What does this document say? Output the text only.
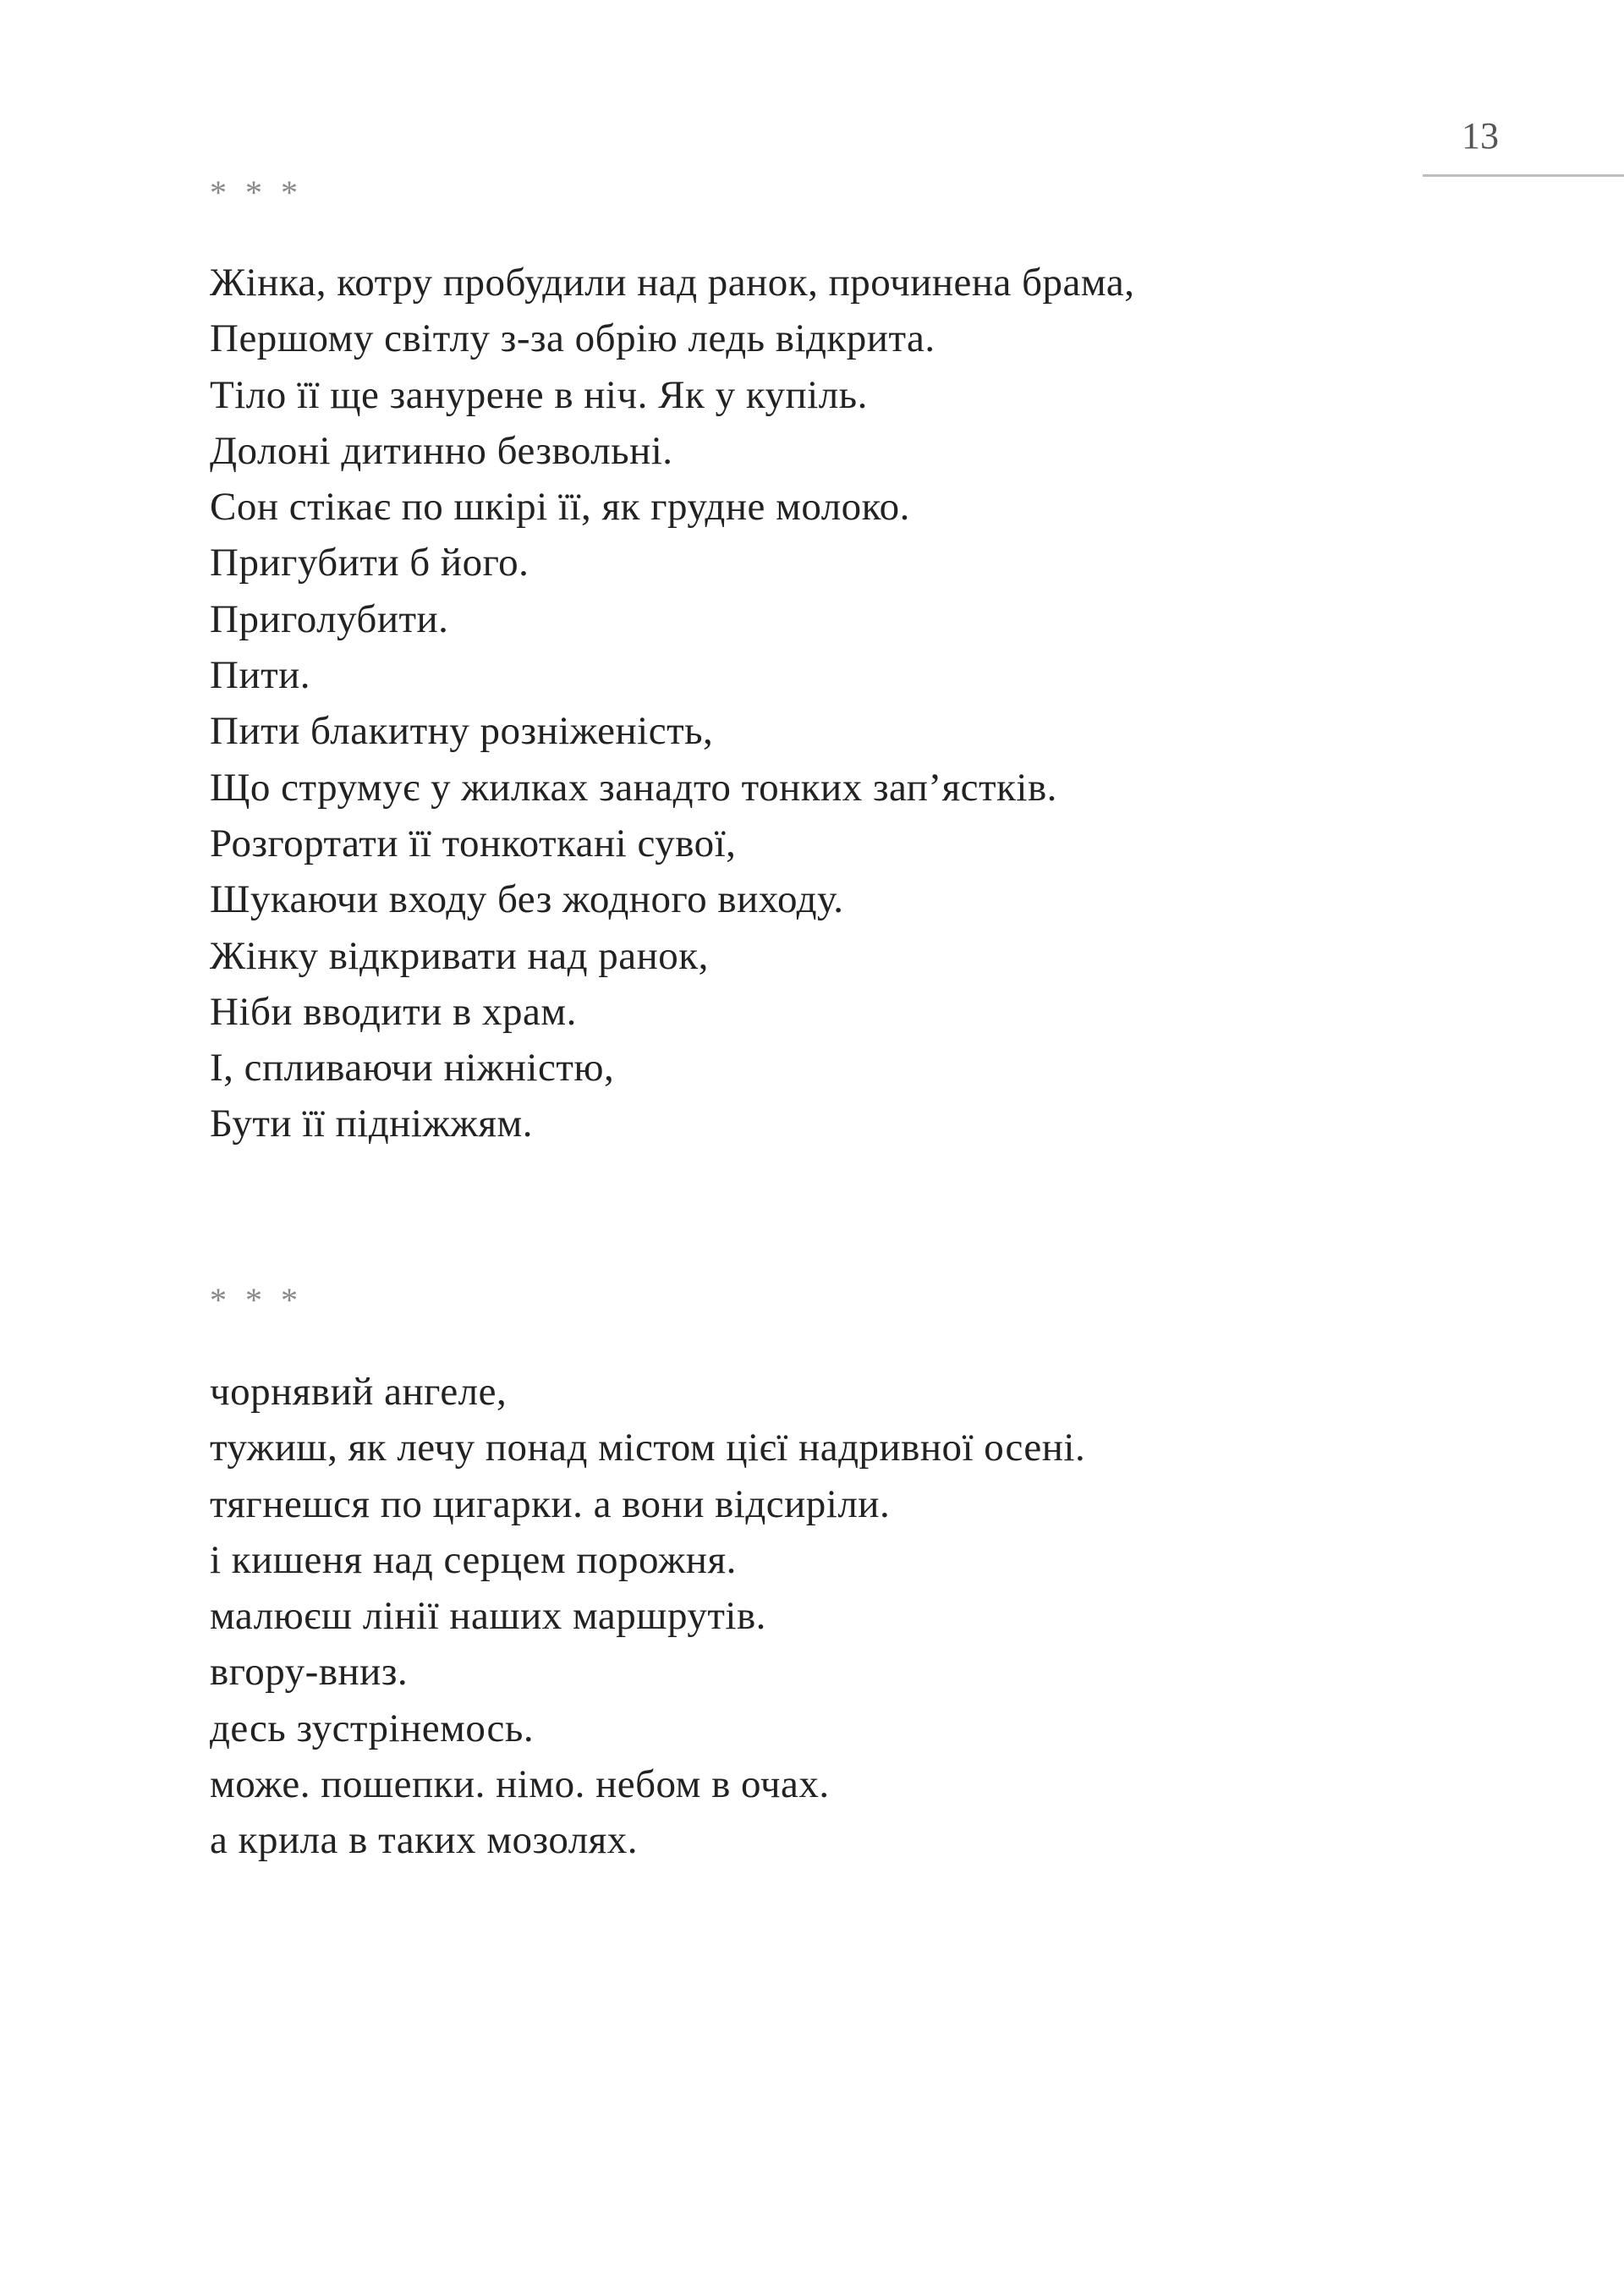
13
* * *
Жінка, котру пробудили над ранок, прочинена брама,
Першому світлу з-за обрію ледь відкрита.
Тіло її ще занурене в ніч. Як у купіль.
Долоні дитинно безвольні.
Сон стікає по шкірі її, як грудне молоко.
Пригубити б його.
Приголубити.
Пити.
Пити блакитну розніженість,
Що струмує у жилках занадто тонких зап’ястків.
Розгортати її тонкоткані сувої,
Шукаючи входу без жодного виходу.
Жінку відкривати над ранок,
Ніби вводити в храм.
І, спливаючи ніжністю,
Бути її підніжжям.
* * *
чорнявий ангеле,
тужиш, як лечу понад містом цієї надривної осені.
тягнешся по цигарки. а вони відсиріли.
і кишеня над серцем порожня.
малюєш лінії наших маршрутів.
вгору-вниз.
десь зустрінемось.
може. пошепки. німо. небом в очах.
а крила в таких мозолях.
